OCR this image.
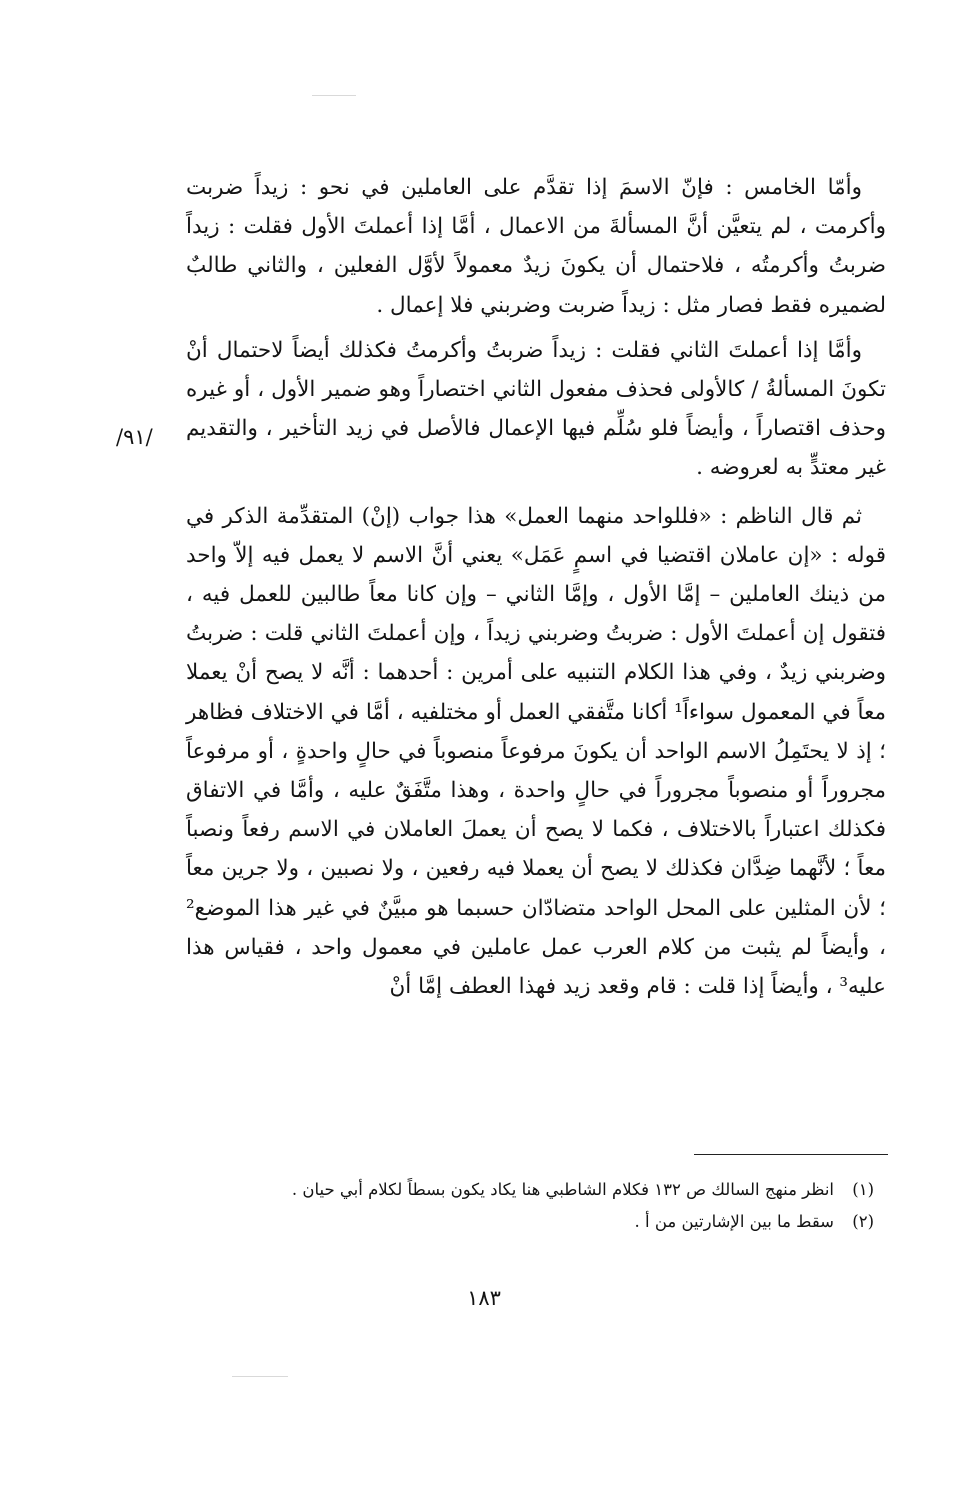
/٩١/

وأمّا الخامس : فإنّ الاسمَ إذا تقدَّم على العاملين في نحو : زيداً ضربت وأكرمت ، لم يتعيَّن أنَّ المسألةَ من الاعمال ، أمَّا إذا أعملتَ الأول فقلت : زيداً ضربتُ وأكرمتُه ، فلاحتمال أن يكونَ زيدٌ معمولاً لأوَّل الفعلين ، والثاني طالبٌ لضميره فقط فصار مثل : زيداً ضربت وضربني فلا إعمال .

وأمَّا إذا أعملتَ الثاني فقلت : زيداً ضربتُ وأكرمتُ فكذلك أيضاً لاحتمال أنْ تكونَ المسألةُ / كالأولى فحذف مفعول الثاني اختصاراً وهو ضمير الأول ، أو غيره وحذف اقتصاراً ، وأيضاً فلو سُلِّم فيها الإعمال فالأصل في زيد التأخير ، والتقديم غير معتدٍّ به لعروضه .

ثم قال الناظم : «فللواحد منهما العمل» هذا جواب (إنْ) المتقدِّمة الذكر في قوله : «إن عاملان اقتضيا في اسمٍ عَمَل» يعني أنَّ الاسم لا يعمل فيه إلاّ واحد من ذينك العاملين – إمَّا الأول ، وإمَّا الثاني – وإن كانا معاً طالبين للعمل فيه ، فتقول إن أعملتَ الأول : ضربتُ وضربني زيداً ، وإن أعملتَ الثاني قلت : ضربتُ وضربني زيدٌ ، وفي هذا الكلام التنبيه على أمرين : أحدهما : أنَّه لا يصح أنْ يعملا معاً في المعمول سواءاً¹ أكانا متَّفقي العمل أو مختلفيه ، أمَّا في الاختلاف فظاهر ؛ إذ لا يحتَمِلُ الاسم الواحد أن يكونَ مرفوعاً منصوباً في حالٍ واحدةٍ ، أو مرفوعاً مجروراً أو منصوباً مجروراً في حالٍ واحدة ، وهذا متَّفَقٌ عليه ، وأمَّا في الاتفاق فكذلك اعتباراً بالاختلاف ، فكما لا يصح أن يعملَ العاملان في الاسم رفعاً ونصباً معاً ؛ لأنَّهما ضِدَّان فكذلك لا يصح أن يعملا فيه رفعين ، ولا نصبين ، ولا جرين معاً ؛ لأن المثلين على المحل الواحد متضادّان حسبما هو مبيَّنٌ في غير هذا الموضع² ، وأيضاً لم يثبت من كلام العرب عمل عاملين في معمول واحد ، فقياس هذا عليه³ ، وأيضاً إذا قلت : قام وقعد زيد فهذا العطف إمَّا أنْ

(١)
انظر منهج السالك ص ١٣٢ فكلام الشاطبي هنا يكاد يكون بسطاً لكلام أبي حيان .
(٢)
سقط ما بين الإشارتين من أ .
١٨٣
